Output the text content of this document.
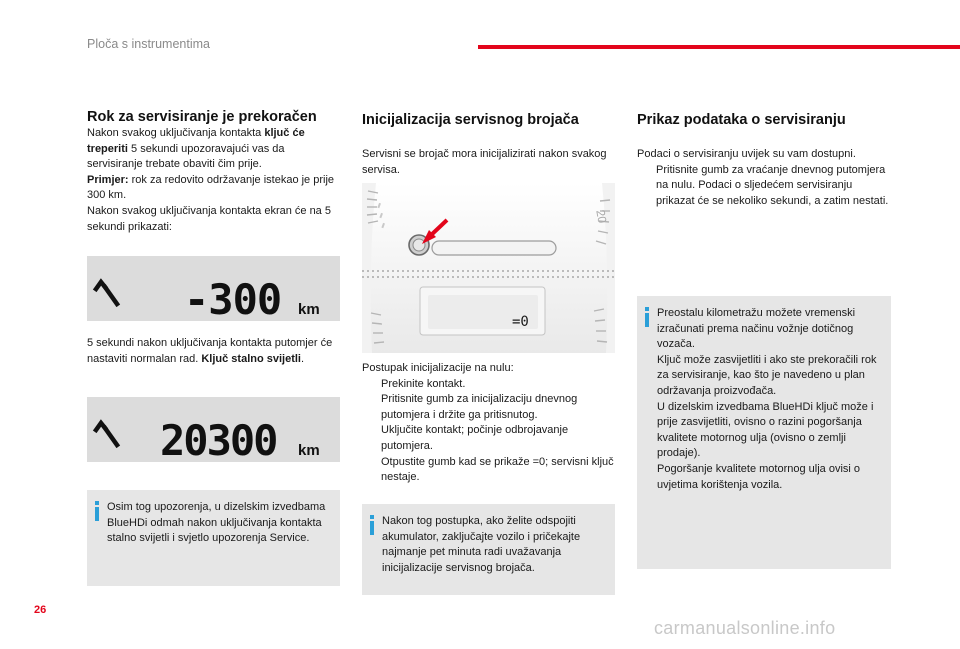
Ploča s instrumentima
Rok za servisiranje je prekoračen
Nakon svakog uključivanja kontakta ključ će treperiti 5 sekundi upozoravajući vas da servisiranje trebate obaviti čim prije.
Primjer: rok za redovito održavanje istekao je prije 300 km.
Nakon svakog uključivanja kontakta ekran će na 5 sekundi prikazati:
-300 km
5 sekundi nakon uključivanja kontakta putomjer će nastaviti normalan rad. Ključ stalno svijetli.
20300 km

Osim tog upozorenja, u dizelskim izvedbama BlueHDi odmah nakon uključivanja kontakta stalno svijetli i svjetlo upozorenja Service.

Inicijalizacija servisnog brojača
Servisni se brojač mora inicijalizirati nakon svakog servisa.
20
=0
Postupak inicijalizacije na nulu:
Prekinite kontakt.
Pritisnite gumb za inicijalizaciju dnevnog putomjera i držite ga pritisnutog.
Uključite kontakt; počinje odbrojavanje putomjera.
Otpustite gumb kad se prikaže =0; servisni ključ nestaje.

Nakon tog postupka, ako želite odspojiti akumulator, zaključajte vozilo i pričekajte najmanje pet minuta radi uvažavanja inicijalizacije servisnog brojača.

Prikaz podataka o servisiranju
Podaci o servisiranju uvijek su vam dostupni.
Pritisnite gumb za vraćanje dnevnog putomjera na nulu. Podaci o sljedećem servisiranju prikazat će se nekoliko sekundi, a zatim nestati.

Preostalu kilometražu možete vremenski izračunati prema načinu vožnje dotičnog vozača.

Ključ može zasvijetliti i ako ste prekoračili rok za servisiranje, kao što je navedeno u plan održavanja proizvođača.

U dizelskim izvedbama BlueHDi ključ može i prije zasvijetliti, ovisno o razini pogoršanja kvalitete motornog ulja (ovisno o zemlji prodaje).

Pogoršanje kvalitete motornog ulja ovisi o uvjetima korištenja vozila.

26
carmanualsonline.info
